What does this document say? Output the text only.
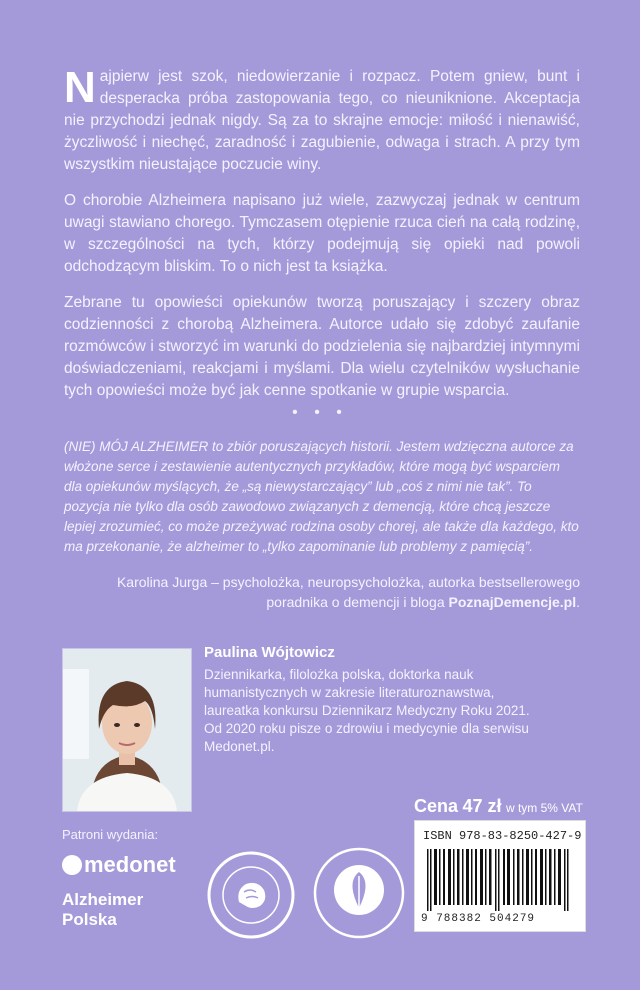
Najpierw jest szok, niedowierzanie i rozpacz. Potem gniew, bunt i desperacka próba zastopowania tego, co nieuniknione. Akceptacja nie przychodzi jednak nigdy. Są za to skrajne emocje: miłość i nienawiść, życzliwość i niechęć, zaradność i zagubienie, odwaga i strach. A przy tym wszystkim nieustające poczucie winy.

O chorobie Alzheimera napisano już wiele, zazwyczaj jednak w centrum uwagi stawiano chorego. Tymczasem otępienie rzuca cień na całą rodzinę, w szczególności na tych, którzy podejmują się opieki nad powoli odchodzącym bliskim. To o nich jest ta książka.

Zebrane tu opowieści opiekunów tworzą poruszający i szczery obraz codzienności z chorobą Alzheimera. Autorce udało się zdobyć zaufanie rozmówców i stworzyć im warunki do podzielenia się najbardziej intymnymi doświadczeniami, reakcjami i myślami. Dla wielu czytelników wysłuchanie tych opowieści może być jak cenne spotkanie w grupie wsparcia.

• • •
(NIE) MÓJ ALZHEIMER to zbiór poruszających historii. Jestem wdzięczna autorce za włożone serce i zestawienie autentycznych przykładów, które mogą być wsparciem dla opiekunów myślących, że „są niewystarczający” lub „coś z nimi nie tak”. To pozycja nie tylko dla osób zawodowo związanych z demencją, które chcą jeszcze lepiej zrozumieć, co może przeżywać rodzina osoby chorej, ale także dla każdego, kto ma przekonanie, że alzheimer to „tylko zapominanie lub problemy z pamięcią”.
Karolina Jurga – psycholożka, neuropsycholożka, autorka bestsellerowego poradnika o demencji i bloga PoznajDemencje.pl.
Paulina Wójtowicz
Dziennikarka, filolożka polska, doktorka nauk humanistycznych w zakresie literaturoznawstwa, laureatka konkursu Dziennikarz Medyczny Roku 2021. Od 2020 roku pisze o zdrowiu i medycynie dla serwisu Medonet.pl.
Cena 47 zł w tym 5% VAT
ISBN 978-83-8250-427-9
9 788382 504279
Patroni wydania:
medonet
Alzheimer
Polska
